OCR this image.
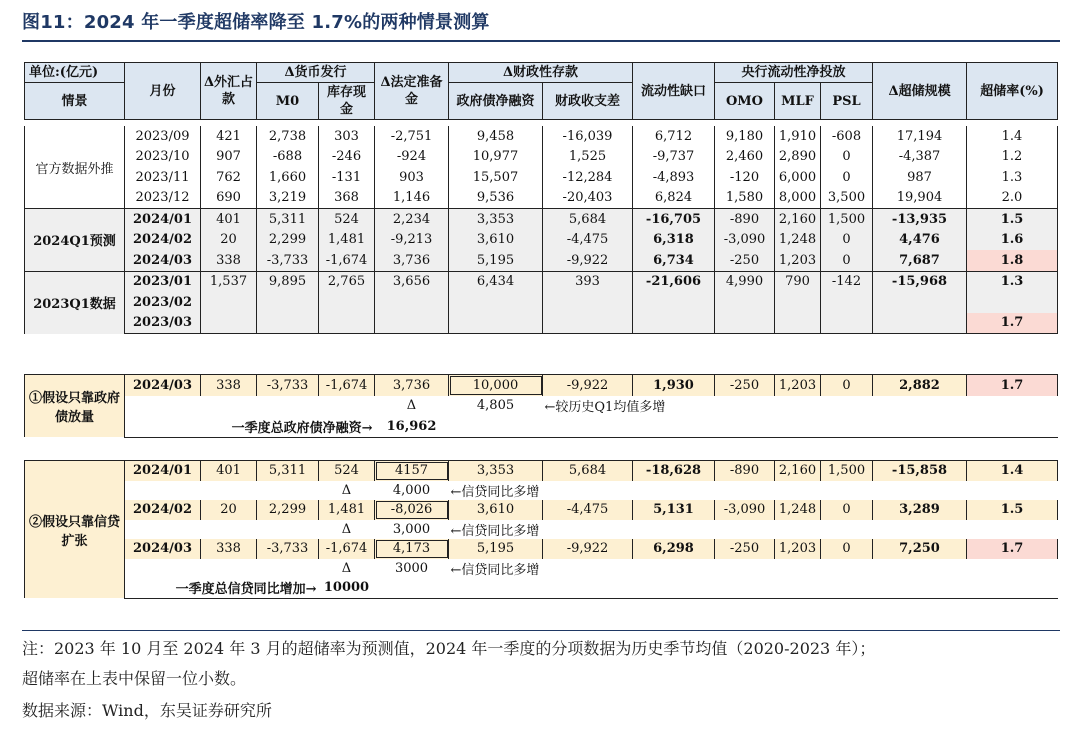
图11：2024 年一季度超储率降至 1.7%的两种情景测算
单位:(亿元)	月份	Δ外汇占款	Δ货币发行		Δ法定准备金	Δ财政性存款		流动性缺口	央行流动性净投放			Δ超储规模	超储率(%)
情景			M0	库存现金		政府债净融资	财政收支差		OMO	MLF	PSL		
官方数据外推	2023/09	421	2,738	303	-2,751	9,458	-16,039	6,712	9,180	1,910	-608	17,194	1.4
	2023/10	907	-688	-246	-924	10,977	1,525	-9,737	2,460	2,890	0	-4,387	1.2
	2023/11	762	1,660	-131	903	15,507	-12,284	-4,893	-120	6,000	0	987	1.3
	2023/12	690	3,219	368	1,146	9,536	-20,403	6,824	1,580	8,000	3,500	19,904	2.0
2024Q1预测	2024/01	401	5,311	524	2,234	3,353	5,684	-16,705	-890	2,160	1,500	-13,935	1.5
	2024/02	20	2,299	1,481	-9,213	3,610	-4,475	6,318	-3,090	1,248	0	4,476	1.6
	2024/03	338	-3,733	-1,674	3,736	5,195	-9,922	6,734	-250	1,203	0	7,687	1.8
2023Q1数据	2023/01	1,537	9,895	2,765	3,656	6,434	393	-21,606	4,990	790	-142	-15,968	1.3
	2023/02												
	2023/03												1.7
①假设只靠政府债放量	2024/03	338	-3,733	-1,674	3,736	10,000	-9,922	1,930	-250	1,203	0	2,882	1.7
					Δ	4,805	←较历史Q1均值多增						
	一季度总政府债净融资→				16,962								
②假设只靠信贷扩张	2024/01	401	5,311	524	4157	3,353	5,684	-18,628	-890	2,160	1,500	-15,858	1.4
				Δ	4,000	←信贷同比多增							
	2024/02	20	2,299	1,481	-8,026	3,610	-4,475	5,131	-3,090	1,248	0	3,289	1.5
				Δ	3,000	←信贷同比多增							
	2024/03	338	-3,733	-1,674	4,173	5,195	-9,922	6,298	-250	1,203	0	7,250	1.7
				Δ	3000	←信贷同比多增							
	一季度总信贷同比增加→			10000									
注：2023 年 10 月至 2024 年 3 月的超储率为预测值，2024 年一季度的分项数据为历史季节均值（2020-2023 年）；
超储率在上表中保留一位小数。
数据来源：Wind，东吴证券研究所
